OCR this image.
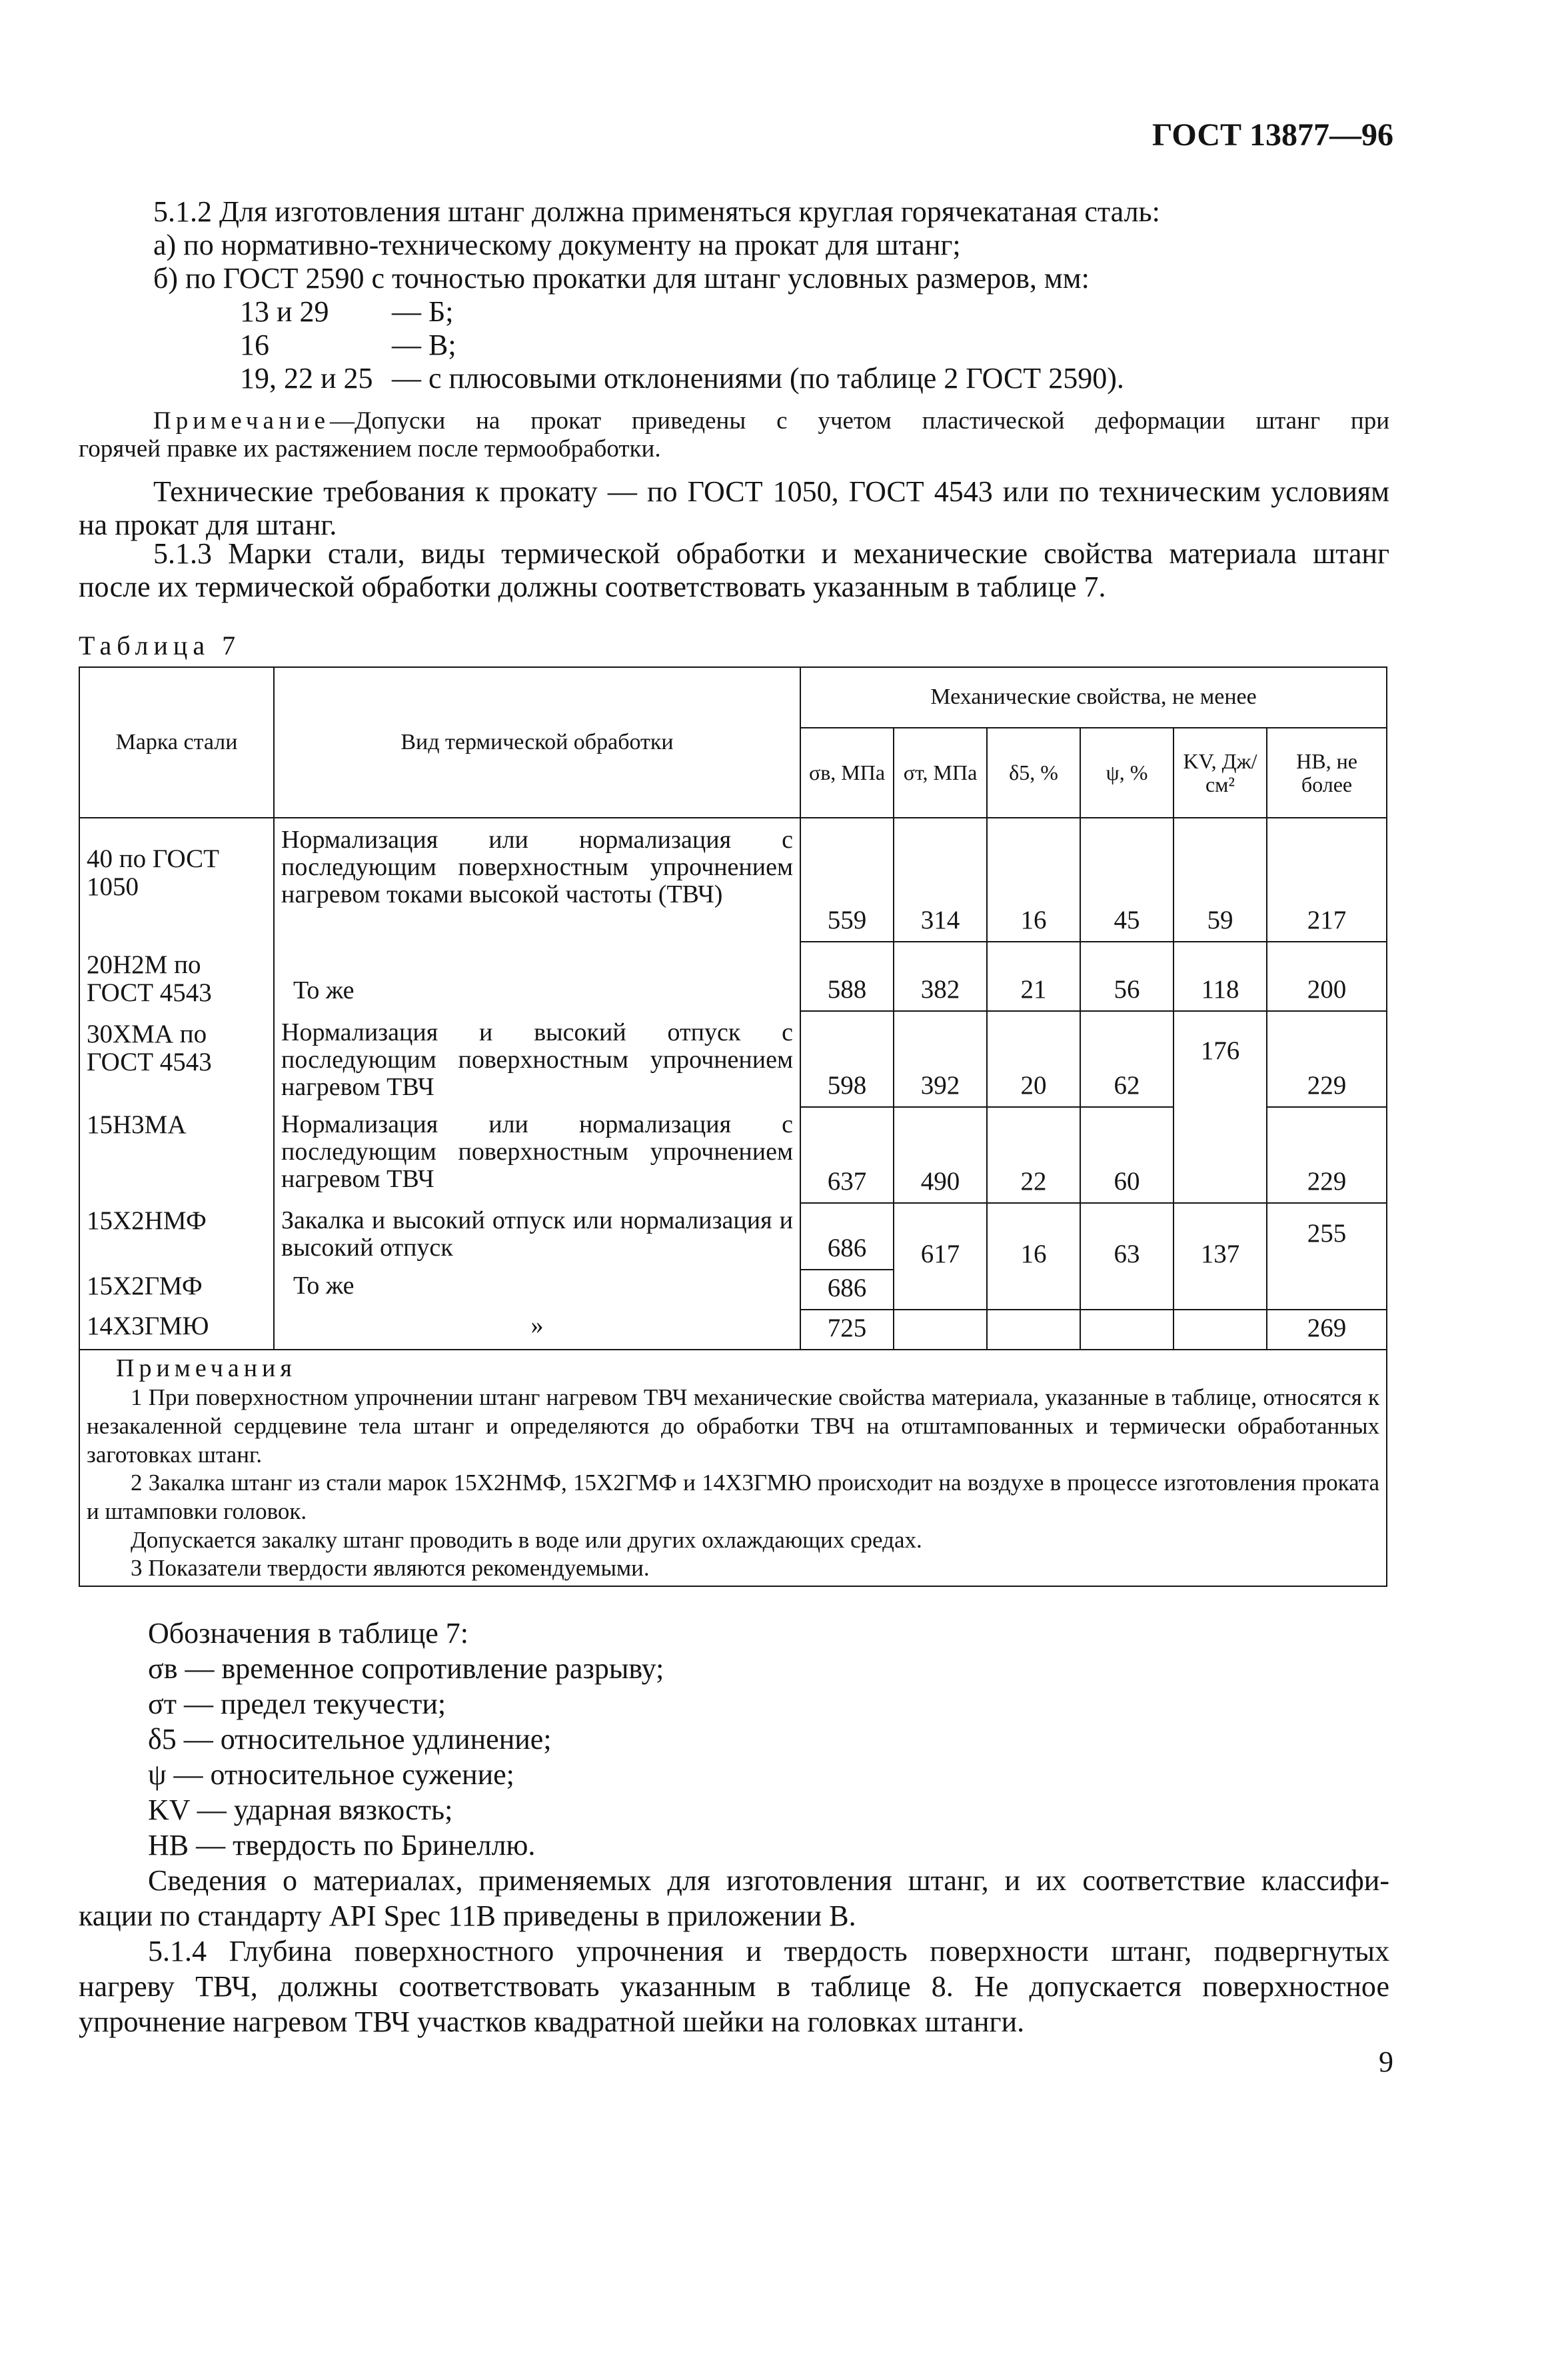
ГОСТ 13877—96
5.1.2 Для изготовления штанг должна применяться круглая горячекатаная сталь:
а) по нормативно-техническому документу на прокат для штанг;
б) по ГОСТ 2590 с точностью прокатки для штанг условных размеров, мм:
13 и 29 — Б;
16	— В;
19, 22 и 25 — с плюсовыми отклонениями (по таблице 2 ГОСТ 2590).
Примечание—Допуски на прокат приведены с учетом пластической деформации штанг при
горячей правке их растяжением после термообработки.
Технические требования к прокату — по ГОСТ 1050, ГОСТ 4543 или по техническим условиям
на прокат для штанг.
5.1.3 Марки стали, виды термической обработки и механические свойства материала штанг
после их термической обработки должны соответствовать указанным в таблице 7.
Таблица 7
Марка стали	Вид термической обработки	Механические свойства, не менее					
		σв, МПа	σт, МПа	δ5, %	ψ, %	KV, Дж/см²	НВ, не более
40 по ГОСТ 1050	Нормализация или нормализация с последующим поверхностным упрочнением нагревом токами высокой частоты (ТВЧ)	559	314	16	45	59	217
20Н2М по ГОСТ 4543	То же	588	382	21	56	118	200
30ХМА по ГОСТ 4543	Нормализация и высокий отпуск с последующим поверхностным упрочнением нагревом ТВЧ	598	392	20	62	176	229
15Н3МА	Нормализация или нормализация с последующим поверхностным упрочнением нагревом ТВЧ	637	490	22	60		229
15Х2НМФ	Закалка и высокий отпуск или нормализация и высокий отпуск	686	617	16	63	137	255
15Х2ГМФ	То же	686					
14Х3ГМЮ	»	725					269

Примечания
1 При поверхностном упрочнении штанг нагревом ТВЧ механические свойства материала, указанные в таблице, относятся к незакаленной сердцевине тела штанг и определяются до обработки ТВЧ на отштампованных и термически обработанных заготовках штанг.
2 Закалка штанг из стали марок 15Х2НМФ, 15Х2ГМФ и 14Х3ГМЮ происходит на воздухе в процессе изготовления проката и штамповки головок.
Допускается закалку штанг проводить в воде или других охлаждающих средах.
3 Показатели твердости являются рекомендуемыми.							
Обозначения в таблице 7:
σв — временное сопротивление разрыву;
σт — предел текучести;
δ5 — относительное удлинение;
ψ — относительное сужение;
KV — ударная вязкость;
HB — твердость по Бринеллю.
Сведения о материалах, применяемых для изготовления штанг, и их соответствие классифи-
кации по стандарту API Spec 11B приведены в приложении В.
5.1.4 Глубина поверхностного упрочнения и твердость поверхности штанг, подвергнутых
нагреву ТВЧ, должны соответствовать указанным в таблице 8. Не допускается поверхностное
упрочнение нагревом ТВЧ участков квадратной шейки на головках штанги.
9
